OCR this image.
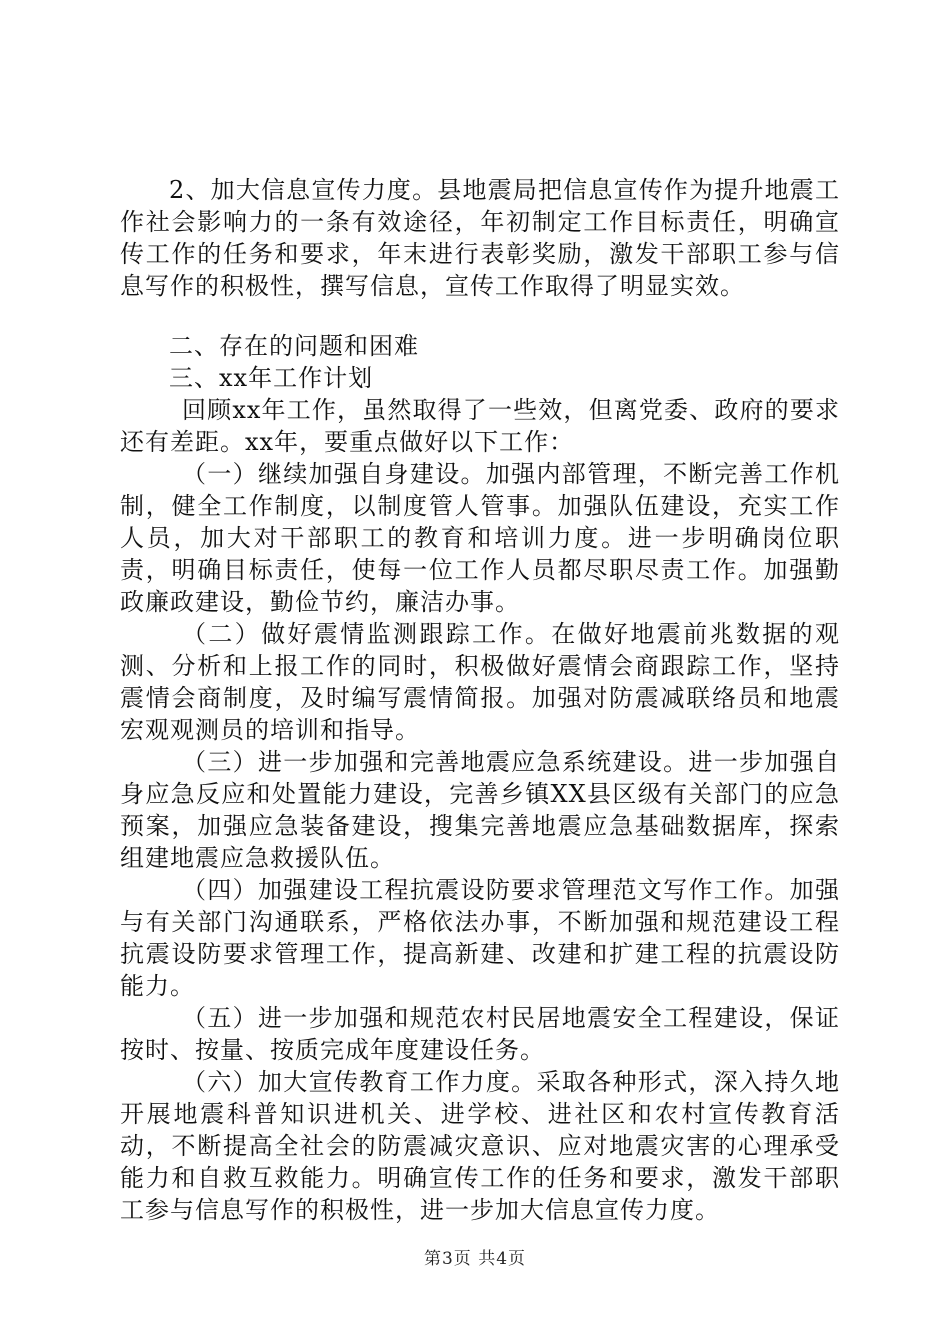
2、加大信息宣传力度。县地震局把信息宣传作为提升地震工作社会影响力的一条有效途径，年初制定工作目标责任，明确宣传工作的任务和要求，年末进行表彰奖励，激发干部职工参与信息写作的积极性，撰写信息，宣传工作取得了明显实效。

二、存在的问题和困难
三、xx年工作计划

回顾xx年工作，虽然取得了一些效，但离党委、政府的要求还有差距。xx年，要重点做好以下工作：

（一）继续加强自身建设。加强内部管理，不断完善工作机制，健全工作制度，以制度管人管事。加强队伍建设，充实工作人员，加大对干部职工的教育和培训力度。进一步明确岗位职责，明确目标责任，使每一位工作人员都尽职尽责工作。加强勤政廉政建设，勤俭节约，廉洁办事。

（二）做好震情监测跟踪工作。在做好地震前兆数据的观测、分析和上报工作的同时，积极做好震情会商跟踪工作，坚持震情会商制度，及时编写震情简报。加强对防震减联络员和地震宏观观测员的培训和指导。

（三）进一步加强和完善地震应急系统建设。进一步加强自身应急反应和处置能力建设，完善乡镇XX县区级有关部门的应急预案，加强应急装备建设，搜集完善地震应急基础数据库，探索组建地震应急救援队伍。

（四）加强建设工程抗震设防要求管理范文写作工作。加强与有关部门沟通联系，严格依法办事，不断加强和规范建设工程抗震设防要求管理工作，提高新建、改建和扩建工程的抗震设防能力。

（五）进一步加强和规范农村民居地震安全工程建设，保证按时、按量、按质完成年度建设任务。

（六）加大宣传教育工作力度。采取各种形式，深入持久地开展地震科普知识进机关、进学校、进社区和农村宣传教育活动，不断提高全社会的防震减灾意识、应对地震灾害的心理承受能力和自救互救能力。明确宣传工作的任务和要求，激发干部职工参与信息写作的积极性，进一步加大信息宣传力度。

第3页 共4页
